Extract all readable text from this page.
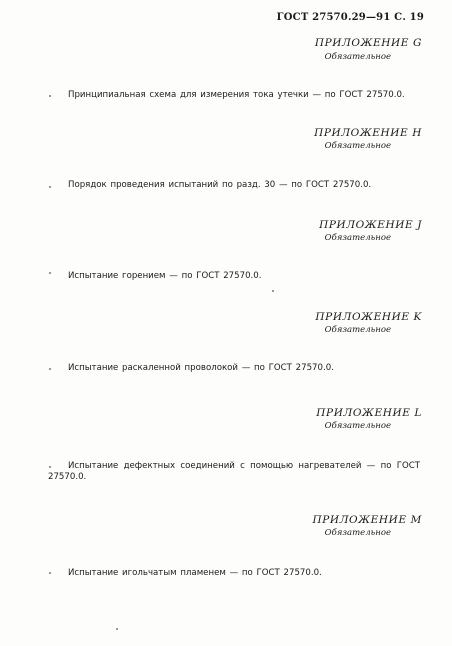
ГОСТ 27570.29—91 С. 19
ПРИЛОЖЕНИЕ G
Обязательное
Принципиальная схема для измерения тока утечки — по ГОСТ 27570.0.
ПРИЛОЖЕНИЕ H
Обязательное
Порядок проведения испытаний по разд. 30 — по ГОСТ 27570.0.
ПРИЛОЖЕНИЕ J
Обязательное
Испытание горением — по ГОСТ 27570.0.
ПРИЛОЖЕНИЕ K
Обязательное
Испытание раскаленной проволокой — по ГОСТ 27570.0.
ПРИЛОЖЕНИЕ L
Обязательное
Испытание дефектных соединений с помощью нагревателей — по ГОСТ 27570.0.
ПРИЛОЖЕНИЕ M
Обязательное
Испытание игольчатым пламенем — по ГОСТ 27570.0.
